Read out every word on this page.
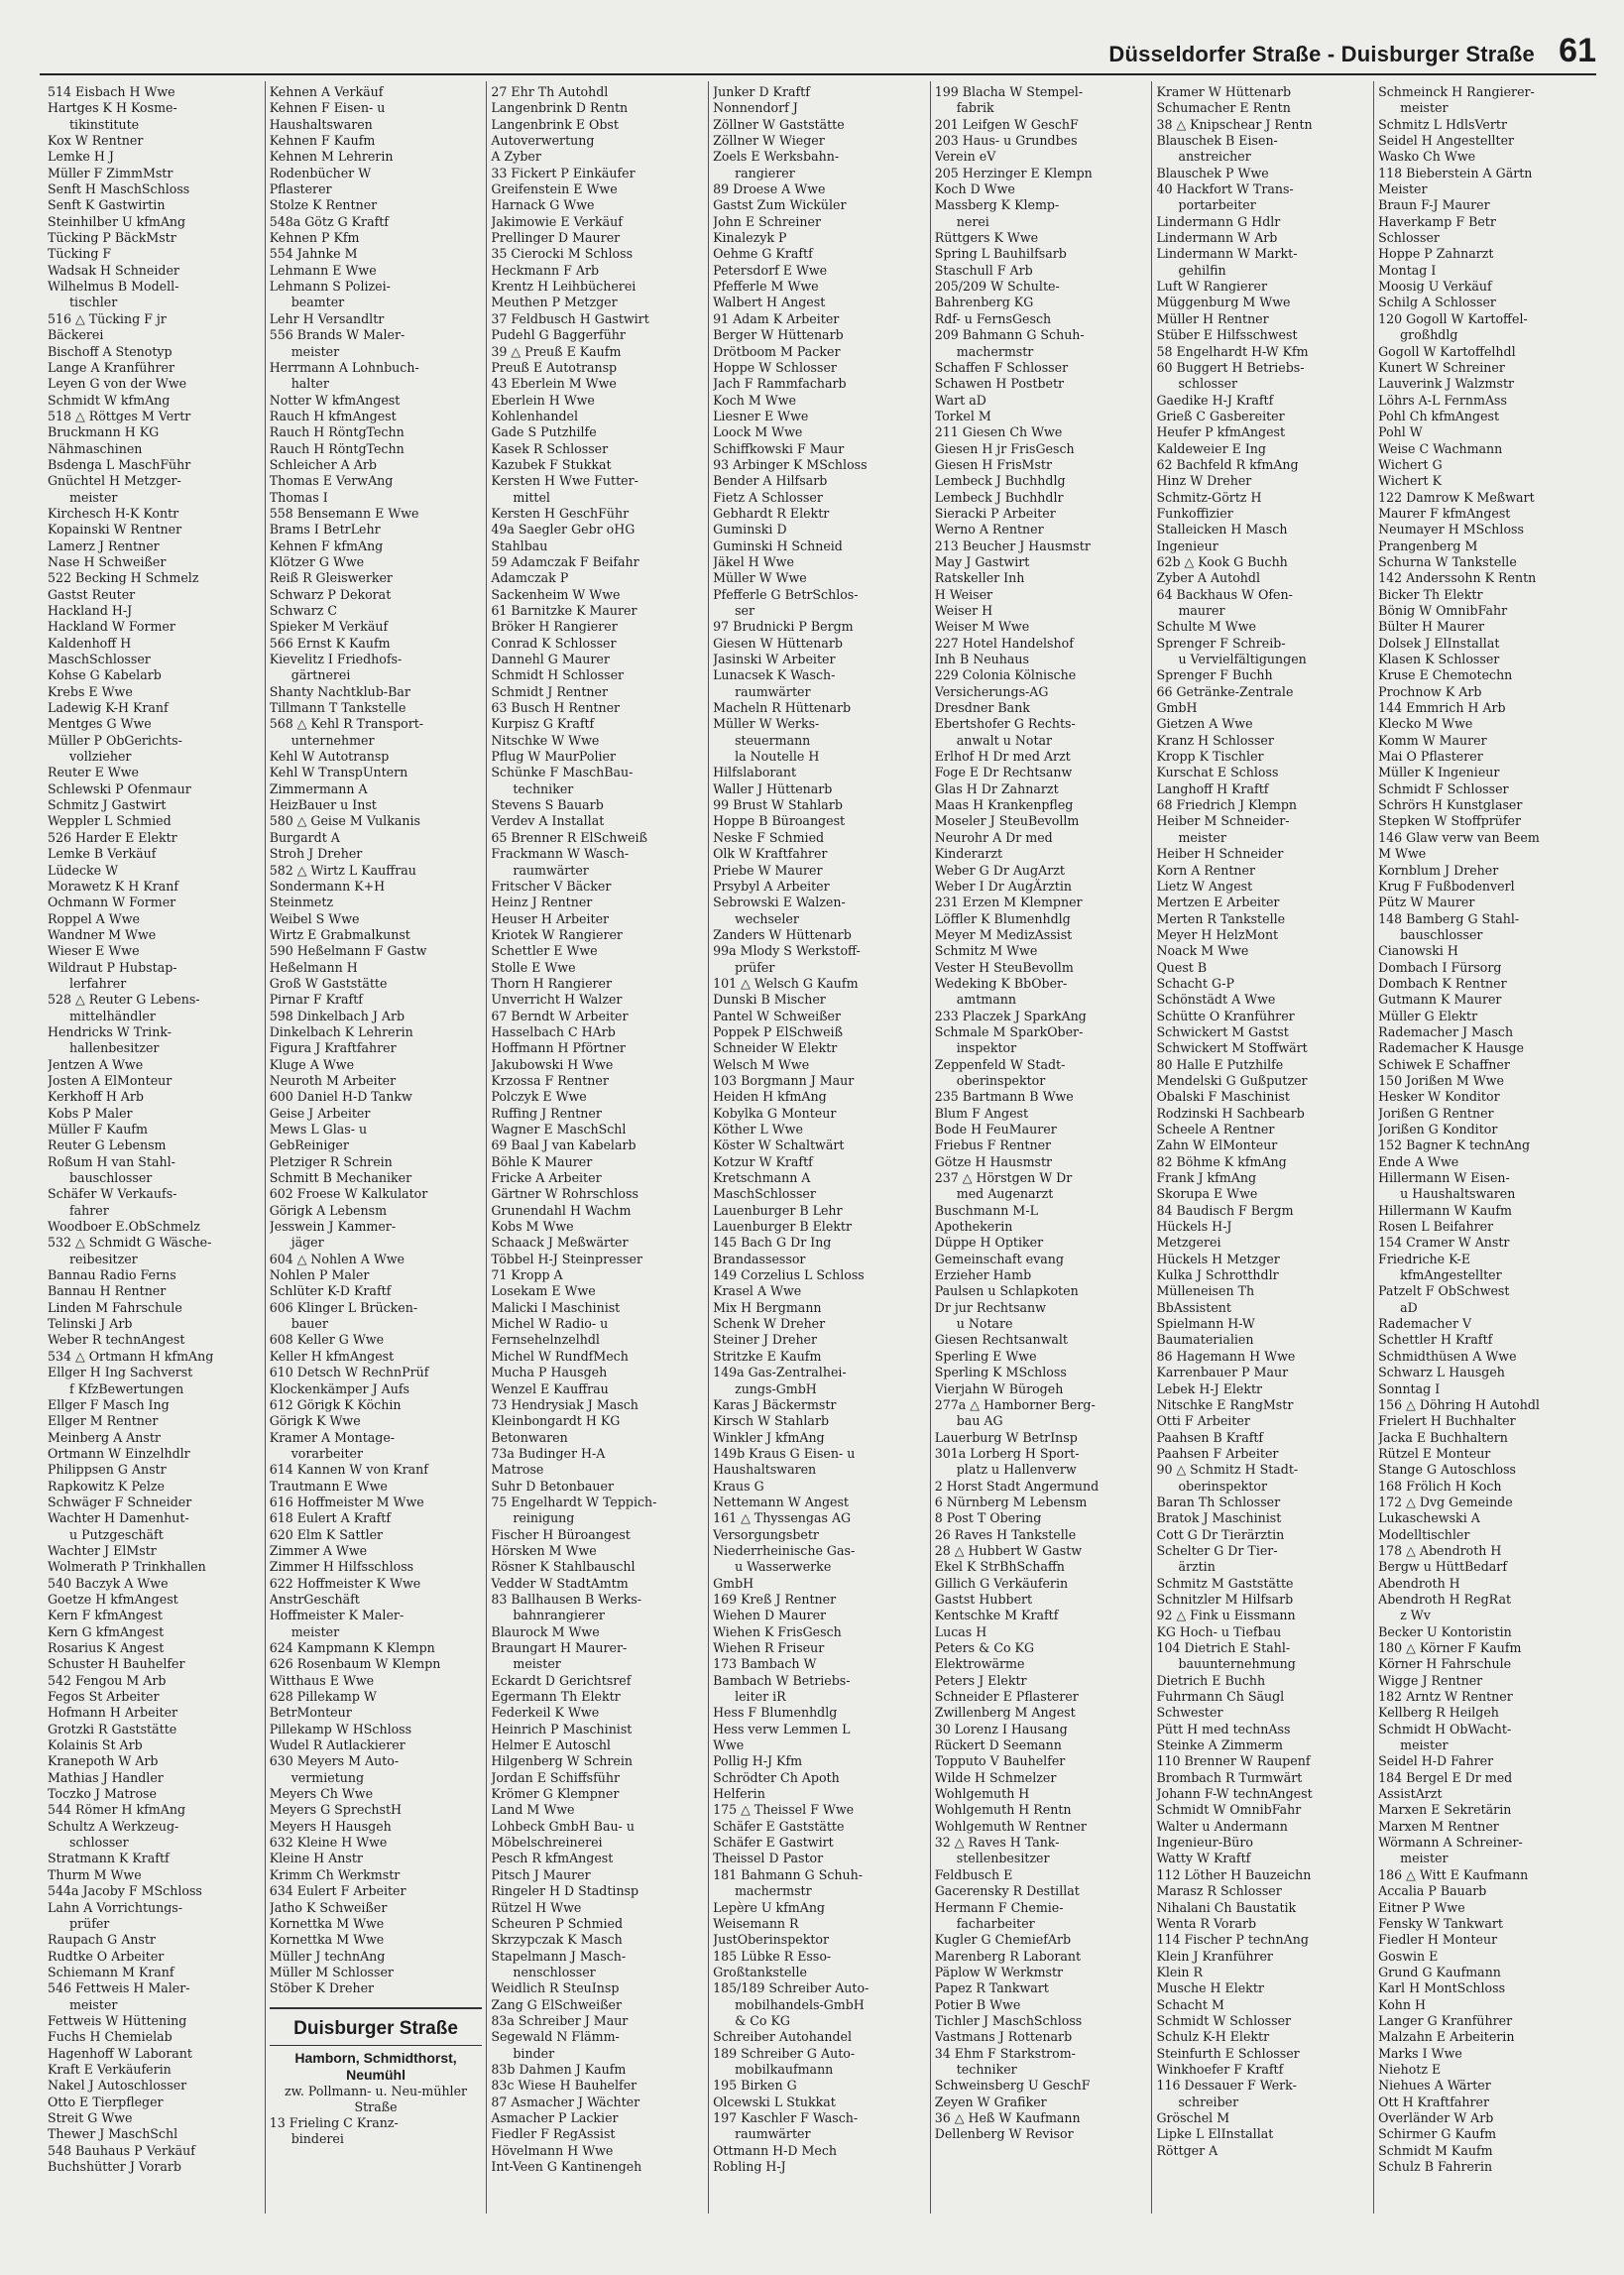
Düsseldorfer Straße - Duisburger Straße 61
514 Eisbach H Wwe
Hartges K H Kosme-
tikinstitute
Kox W Rentner
Lemke H J
Müller F ZimmMstr
Senft H MaschSchloss
Senft K Gastwirtin
Steinhilber U kfmAng
Tücking P BäckMstr
Tücking F
Wadsak H Schneider
Wilhelmus B Modell-
tischler
516 △ Tücking F jr
Bäckerei
Bischoff A Stenotyp
Lange A Kranführer
Leyen G von der Wwe
Schmidt W kfmAng
518 △ Röttges M Vertr
Bruckmann H KG
Nähmaschinen
Bsdenga L MaschFühr
Gnüchtel H Metzger-
meister
Kirchesch H-K Kontr
Kopainski W Rentner
Lamerz J Rentner
Nase H Schweißer
522 Becking H Schmelz
Gastst Reuter
Hackland H-J
Hackland W Former
Kaldenhoff H
MaschSchlosser
Kohse G Kabelarb
Krebs E Wwe
Ladewig K-H Kranf
Mentges G Wwe
Müller P ObGerichts-
vollzieher
Reuter E Wwe
Schlewski P Ofenmaur
Schmitz J Gastwirt
Weppler L Schmied
526 Harder E Elektr
Lemke B Verkäuf
Lüdecke W
Morawetz K H Kranf
Ochmann W Former
Roppel A Wwe
Wandner M Wwe
Wieser E Wwe
Wildraut P Hubstap-
lerfahrer
528 △ Reuter G Lebens-
mittelhändler
Hendricks W Trink-
hallenbesitzer
Jentzen A Wwe
Josten A ElMonteur
Kerkhoff H Arb
Kobs P Maler
Müller F Kaufm
Reuter G Lebensm
Roßum H van Stahl-
bauschlosser
Schäfer W Verkaufs-
fahrer
Woodboer E.ObSchmelz
532 △ Schmidt G Wäsche-
reibesitzer
Bannau Radio Ferns
Bannau H Rentner
Linden M Fahrschule
Telinski J Arb
Weber R technAngest
534 △ Ortmann H kfmAng
Ellger H Ing Sachverst
f KfzBewertungen
Ellger F Masch Ing
Ellger M Rentner
Meinberg A Anstr
Ortmann W Einzelhdlr
Philippsen G Anstr
Rapkowitz K Pelze
Schwäger F Schneider
Wachter H Damenhut-
u Putzgeschäft
Wachter J ElMstr
Wolmerath P Trinkhallen
540 Baczyk A Wwe
Goetze H kfmAngest
Kern F kfmAngest
Kern G kfmAngest
Rosarius K Angest
Schuster H Bauhelfer
542 Fengou M Arb
Fegos St Arbeiter
Hofmann H Arbeiter
Grotzki R Gaststätte
Kolainis St Arb
Kranepoth W Arb
Mathias J Handler
Toczko J Matrose
544 Römer H kfmAng
Schultz A Werkzeug-
schlosser
Stratmann K Kraftf
Thurm M Wwe
544a Jacoby F MSchloss
Lahn A Vorrichtungs-
prüfer
Raupach G Anstr
Rudtke O Arbeiter
Schiemann M Kranf
546 Fettweis H Maler-
meister
Fettweis W Hüttening
Fuchs H Chemielab
Hagenhoff W Laborant
Kraft E Verkäuferin
Nakel J Autoschlosser
Otto E Tierpfleger
Streit G Wwe
Thewer J MaschSchl
548 Bauhaus P Verkäuf
Buchshütter J Vorarb
Kehnen A Verkäuf
Kehnen F Eisen- u
Haushaltswaren
Kehnen F Kaufm
Kehnen M Lehrerin
Rodenbücher W
Pflasterer
Stolze K Rentner
548a Götz G Kraftf
Kehnen P Kfm
554 Jahnke M
Lehmann E Wwe
Lehmann S Polizei-
beamter
Lehr H Versandltr
556 Brands W Maler-
meister
Herrmann A Lohnbuch-
halter
Notter W kfmAngest
Rauch H kfmAngest
Rauch H RöntgTechn
Rauch H RöntgTechn
Schleicher A Arb
Thomas E VerwAng
Thomas I
558 Bensemann E Wwe
Brams I BetrLehr
Kehnen F kfmAng
Klötzer G Wwe
Reiß R Gleiswerker
Schwarz P Dekorat
Schwarz C
Spieker M Verkäuf
566 Ernst K Kaufm
Kievelitz I Friedhofs-
gärtnerei
Shanty Nachtklub-Bar
Tillmann T Tankstelle
568 △ Kehl R Transport-
unternehmer
Kehl W Autotransp
Kehl W TranspUntern
Zimmermann A
HeizBauer u Inst
580 △ Geise M Vulkanis
Burgardt A
Stroh J Dreher
582 △ Wirtz L Kauffrau
Sondermann K+H
Steinmetz
Weibel S Wwe
Wirtz E Grabmalkunst
590 Heßelmann F Gastw
Heßelmann H
Groß W Gaststätte
Pirnar F Kraftf
598 Dinkelbach J Arb
Dinkelbach K Lehrerin
Figura J Kraftfahrer
Kluge A Wwe
Neuroth M Arbeiter
600 Daniel H-D Tankw
Geise J Arbeiter
Mews L Glas- u
GebReiniger
Pletziger R Schrein
Schmitt B Mechaniker
602 Froese W Kalkulator
Görigk A Lebensm
Jesswein J Kammer-
jäger
604 △ Nohlen A Wwe
Nohlen P Maler
Schlüter K-D Kraftf
606 Klinger L Brücken-
bauer
608 Keller G Wwe
Keller H kfmAngest
610 Detsch W RechnPrüf
Klockenkämper J Aufs
612 Görigk K Köchin
Görigk K Wwe
Kramer A Montage-
vorarbeiter
614 Kannen W von Kranf
Trautmann E Wwe
616 Hoffmeister M Wwe
618 Eulert A Kraftf
620 Elm K Sattler
Zimmer A Wwe
Zimmer H Hilfsschloss
622 Hoffmeister K Wwe
AnstrGeschäft
Hoffmeister K Maler-
meister
624 Kampmann K Klempn
626 Rosenbaum W Klempn
Witthaus E Wwe
628 Pillekamp W
BetrMonteur
Pillekamp W HSchloss
Wudel R Autlackierer
630 Meyers M Auto-
vermietung
Meyers Ch Wwe
Meyers G SprechstH
Meyers H Hausgeh
632 Kleine H Wwe
Kleine H Anstr
Krimm Ch Werkmstr
634 Eulert F Arbeiter
Jatho K Schweißer
Kornettka M Wwe
Kornettka M Wwe
Müller J technAng
Müller M Schlosser
Stöber K Dreher
Duisburger Straße
Hamborn, Schmidthorst, Neumühl
zw. Pollmann- u. Neu-mühler Straße
13 Frieling C Kranz-
binderei
27 Ehr Th Autohdl
Langenbrink D Rentn
Langenbrink E Obst
Autoverwertung
A Zyber
33 Fickert P Einkäufer
Greifenstein E Wwe
Harnack G Wwe
Jakimowie E Verkäuf
Prellinger D Maurer
35 Cierocki M Schloss
Heckmann F Arb
Krentz H Leihbücherei
Meuthen P Metzger
37 Feldbusch H Gastwirt
Pudehl G Baggerführ
39 △ Preuß E Kaufm
Preuß E Autotransp
43 Eberlein M Wwe
Eberlein H Wwe
Kohlenhandel
Gade S Putzhilfe
Kasek R Schlosser
Kazubek F Stukkat
Kersten H Wwe Futter-
mittel
Kersten H GeschFühr
49a Saegler Gebr oHG
Stahlbau
59 Adamczak F Beifahr
Adamczak P
Sackenheim W Wwe
61 Barnitzke K Maurer
Bröker H Rangierer
Conrad K Schlosser
Dannehl G Maurer
Schmidt H Schlosser
Schmidt J Rentner
63 Busch H Rentner
Kurpisz G Kraftf
Nitschke W Wwe
Pflug W MaurPolier
Schünke F MaschBau-
techniker
Stevens S Bauarb
Verdev A Installat
65 Brenner R ElSchweiß
Frackmann W Wasch-
raumwärter
Fritscher V Bäcker
Heinz J Rentner
Heuser H Arbeiter
Kriotek W Rangierer
Schettler E Wwe
Stolle E Wwe
Thorn H Rangierer
Unverricht H Walzer
67 Berndt W Arbeiter
Hasselbach C HArb
Hoffmann H Pförtner
Jakubowski H Wwe
Krzossa F Rentner
Polczyk E Wwe
Ruffing J Rentner
Wagner E MaschSchl
69 Baal J van Kabelarb
Böhle K Maurer
Fricke A Arbeiter
Gärtner W Rohrschloss
Grunendahl H Wachm
Kobs M Wwe
Schaack J Meßwärter
Többel H-J Steinpresser
71 Kropp A
Losekam E Wwe
Malicki I Maschinist
Michel W Radio- u
Fernsehelnzelhdl
Michel W RundfMech
Mucha P Hausgeh
Wenzel E Kauffrau
73 Hendrysiak J Masch
Kleinbongardt H KG
Betonwaren
73a Budinger H-A
Matrose
Suhr D Betonbauer
75 Engelhardt W Teppich-
reinigung
Fischer H Büroangest
Hörsken M Wwe
Rösner K Stahlbauschl
Vedder W StadtAmtm
83 Ballhausen B Werks-
bahnrangierer
Blaurock M Wwe
Braungart H Maurer-
meister
Eckardt D Gerichtsref
Egermann Th Elektr
Federkeil K Wwe
Heinrich P Maschinist
Helmer E Autoschl
Hilgenberg W Schrein
Jordan E Schiffsführ
Krömer G Klempner
Land M Wwe
Lohbeck GmbH Bau- u
Möbelschreinerei
Pesch R kfmAngest
Pitsch J Maurer
Ringeler H D Stadtinsp
Rützel H Wwe
Scheuren P Schmied
Skrzypczak K Masch
Stapelmann J Masch-
nenschlosser
Weidlich R SteuInsp
Zang G ElSchweißer
83a Schreiber J Maur
Segewald N Flämm-
binder
83b Dahmen J Kaufm
83c Wiese H Bauhelfer
87 Asmacher J Wächter
Asmacher P Lackier
Fiedler F RegAssist
Hövelmann H Wwe
Int-Veen G Kantinengeh
Junker D Kraftf
Nonnendorf J
Zöllner W Gaststätte
Zöllner W Wieger
Zoels E Werksbahn-
rangierer
89 Droese A Wwe
Gastst Zum Wicküler
John E Schreiner
Kinalezyk P
Oehme G Kraftf
Petersdorf E Wwe
Pfefferle M Wwe
Walbert H Angest
91 Adam K Arbeiter
Berger W Hüttenarb
Drötboom M Packer
Hoppe W Schlosser
Jach F Rammfacharb
Koch M Wwe
Liesner E Wwe
Loock M Wwe
Schiffkowski F Maur
93 Arbinger K MSchloss
Bender A Hilfsarb
Fietz A Schlosser
Gebhardt R Elektr
Guminski D
Guminski H Schneid
Jäkel H Wwe
Müller W Wwe
Pfefferle G BetrSchlos-
ser
97 Brudnicki P Bergm
Giesen W Hüttenarb
Jasinski W Arbeiter
Lunacsek K Wasch-
raumwärter
Macheln R Hüttenarb
Müller W Werks-
steuermann
la Noutelle H
Hilfslaborant
Waller J Hüttenarb
99 Brust W Stahlarb
Hoppe B Büroangest
Neske F Schmied
Olk W Kraftfahrer
Priebe W Maurer
Prsybyl A Arbeiter
Sebrowski E Walzen-
wechseler
Zanders W Hüttenarb
99a Mlody S Werkstoff-
prüfer
101 △ Welsch G Kaufm
Dunski B Mischer
Pantel W Schweißer
Poppek P ElSchweiß
Schneider W Elektr
Welsch M Wwe
103 Borgmann J Maur
Heiden H kfmAng
Kobylka G Monteur
Köther L Wwe
Köster W Schaltwärt
Kotzur W Kraftf
Kretschmann A
MaschSchlosser
Lauenburger B Lehr
Lauenburger B Elektr
145 Bach G Dr Ing
Brandassessor
149 Corzelius L Schloss
Krasel A Wwe
Mix H Bergmann
Schenk W Dreher
Steiner J Dreher
Stritzke E Kaufm
149a Gas-Zentralhei-
zungs-GmbH
Karas J Bäckermstr
Kirsch W Stahlarb
Winkler J kfmAng
149b Kraus G Eisen- u
Haushaltswaren
Kraus G
Nettemann W Angest
161 △ Thyssengas AG
Versorgungsbetr
Niederrheinische Gas-
u Wasserwerke
GmbH
169 Kreß J Rentner
Wiehen D Maurer
Wiehen K FrisGesch
Wiehen R Friseur
173 Bambach W
Bambach W Betriebs-
leiter iR
Hess F Blumenhdlg
Hess verw Lemmen L
Wwe
Pollig H-J Kfm
Schrödter Ch Apoth
Helferin
175 △ Theissel F Wwe
Schäfer E Gaststätte
Schäfer E Gastwirt
Theissel D Pastor
181 Bahmann G Schuh-
machermstr
Lepère U kfmAng
Weisemann R
JustOberinspektor
185 Lübke R Esso-
Großtankstelle
185/189 Schreiber Auto-
mobilhandels-GmbH
& Co KG
Schreiber Autohandel
189 Schreiber G Auto-
mobilkaufmann
195 Birken G
Olcewski L Stukkat
197 Kaschler F Wasch-
raumwärter
Ottmann H-D Mech
Robling H-J
199 Blacha W Stempel-
fabrik
201 Leifgen W GeschF
203 Haus- u Grundbes
Verein eV
205 Herzinger E Klempn
Koch D Wwe
Massberg K Klemp-
nerei
Rüttgers K Wwe
Spring L Bauhilfsarb
Staschull F Arb
205/209 W Schulte-
Bahrenberg KG
Rdf- u FernsGesch
209 Bahmann G Schuh-
machermstr
Schaffen F Schlosser
Schawen H Postbetr
Wart aD
Torkel M
211 Giesen Ch Wwe
Giesen H jr FrisGesch
Giesen H FrisMstr
Lembeck J Buchhdlg
Lembeck J Buchhdlr
Sieracki P Arbeiter
Werno A Rentner
213 Beucher J Hausmstr
May J Gastwirt
Ratskeller Inh
H Weiser
Weiser H
Weiser M Wwe
227 Hotel Handelshof
Inh B Neuhaus
229 Colonia Kölnische
Versicherungs-AG
Dresdner Bank
Ebertshofer G Rechts-
anwalt u Notar
Erlhof H Dr med Arzt
Foge E Dr Rechtsanw
Glas H Dr Zahnarzt
Maas H Krankenpfleg
Moseler J SteuBevollm
Neurohr A Dr med
Kinderarzt
Weber G Dr AugArzt
Weber I Dr AugÄrztin
231 Erzen M Klempner
Löffler K Blumenhdlg
Meyer M MedizAssist
Schmitz M Wwe
Vester H SteuBevollm
Wedeking K BbOber-
amtmann
233 Placzek J SparkAng
Schmale M SparkOber-
inspektor
Zeppenfeld W Stadt-
oberinspektor
235 Bartmann B Wwe
Blum F Angest
Bode H FeuMaurer
Friebus F Rentner
Götze H Hausmstr
237 △ Hörstgen W Dr
med Augenarzt
Buschmann M-L
Apothekerin
Düppe H Optiker
Gemeinschaft evang
Erzieher Hamb
Paulsen u Schlapkoten
Dr jur Rechtsanw
u Notare
Giesen Rechtsanwalt
Sperling E Wwe
Sperling K MSchloss
Vierjahn W Bürogeh
277a △ Hamborner Berg-
bau AG
Lauerburg W BetrInsp
301a Lorberg H Sport-
platz u Hallenverw
2 Horst Stadt Angermund
6 Nürnberg M Lebensm
8 Post T Obering
26 Raves H Tankstelle
28 △ Hubbert W Gastw
Ekel K StrBhSchaffn
Gillich G Verkäuferin
Gastst Hubbert
Kentschke M Kraftf
Lucas H
Peters & Co KG
Elektrowärme
Peters J Elektr
Schneider E Pflasterer
Zwillenberg M Angest
30 Lorenz I Hausang
Rückert D Seemann
Topputo V Bauhelfer
Wilde H Schmelzer
Wohlgemuth H
Wohlgemuth H Rentn
Wohlgemuth W Rentner
32 △ Raves H Tank-
stellenbesitzer
Feldbusch E
Gacerensky R Destillat
Hermann F Chemie-
facharbeiter
Kugler G ChemiefArb
Marenberg R Laborant
Päplow W Werkmstr
Papez R Tankwart
Potier B Wwe
Tichler J MaschSchloss
Vastmans J Rottenarb
34 Ehm F Starkstrom-
techniker
Schweinsberg U GeschF
Zeyen W Grafiker
36 △ Heß W Kaufmann
Dellenberg W Revisor
Kramer W Hüttenarb
Schumacher E Rentn
38 △ Knipschear J Rentn
Blauschek B Eisen-
anstreicher
Blauschek P Wwe
40 Hackfort W Trans-
portarbeiter
Lindermann G Hdlr
Lindermann W Arb
Lindermann W Markt-
gehilfin
Luft W Rangierer
Müggenburg M Wwe
Müller H Rentner
Stüber E Hilfsschwest
58 Engelhardt H-W Kfm
60 Buggert H Betriebs-
schlosser
Gaedike H-J Kraftf
Grieß C Gasbereiter
Heufer P kfmAngest
Kaldeweier E Ing
62 Bachfeld R kfmAng
Hinz W Dreher
Schmitz-Görtz H
Funkoffizier
Stalleicken H Masch
Ingenieur
62b △ Kook G Buchh
Zyber A Autohdl
64 Backhaus W Ofen-
maurer
Schulte M Wwe
Sprenger F Schreib-
u Vervielfältigungen
Sprenger F Buchh
66 Getränke-Zentrale
GmbH
Gietzen A Wwe
Kranz H Schlosser
Kropp K Tischler
Kurschat E Schloss
Langhoff H Kraftf
68 Friedrich J Klempn
Heiber M Schneider-
meister
Heiber H Schneider
Korn A Rentner
Lietz W Angest
Mertzen E Arbeiter
Merten R Tankstelle
Meyer H HelzMont
Noack M Wwe
Quest B
Schacht G-P
Schönstädt A Wwe
Schütte O Kranführer
Schwickert M Gastst
Schwickert M Stoffwärt
80 Halle E Putzhilfe
Mendelski G Gußputzer
Obalski F Maschinist
Rodzinski H Sachbearb
Scheele A Rentner
Zahn W ElMonteur
82 Böhme K kfmAng
Frank J kfmAng
Skorupa E Wwe
84 Baudisch F Bergm
Hückels H-J
Metzgerei
Hückels H Metzger
Kulka J Schrotthdlr
Mülleneisen Th
BbAssistent
Spielmann H-W
Baumaterialien
86 Hagemann H Wwe
Karrenbauer P Maur
Lebek H-J Elektr
Nitschke E RangMstr
Otti F Arbeiter
Paahsen B Kraftf
Paahsen F Arbeiter
90 △ Schmitz H Stadt-
oberinspektor
Baran Th Schlosser
Bratok J Maschinist
Cott G Dr Tierärztin
Schelter G Dr Tier-
ärztin
Schmitz M Gaststätte
Schnitzler M Hilfsarb
92 △ Fink u Eissmann
KG Hoch- u Tiefbau
104 Dietrich E Stahl-
bauunternehmung
Dietrich E Buchh
Fuhrmann Ch Säugl
Schwester
Pütt H med technAss
Steinke A Zimmerm
110 Brenner W Raupenf
Brombach R Turmwärt
Johann F-W technAngest
Schmidt W OmnibFahr
Walter u Andermann
Ingenieur-Büro
Watty W Kraftf
112 Löther H Bauzeichn
Marasz R Schlosser
Nihalani Ch Baustatik
Wenta R Vorarb
114 Fischer P technAng
Klein J Kranführer
Klein R
Musche H Elektr
Schacht M
Schmidt W Schlosser
Schulz K-H Elektr
Steinfurth E Schlosser
Winkhoefer F Kraftf
116 Dessauer F Werk-
schreiber
Gröschel M
Lipke L ElInstallat
Röttger A
Schmeinck H Rangierer-
meister
Schmitz L HdlsVertr
Seidel H Angestellter
Wasko Ch Wwe
118 Bieberstein A Gärtn
Meister
Braun F-J Maurer
Haverkamp F Betr
Schlosser
Hoppe P Zahnarzt
Montag I
Moosig U Verkäuf
Schilg A Schlosser
120 Gogoll W Kartoffel-
großhdlg
Gogoll W Kartoffelhdl
Kunert W Schreiner
Lauverink J Walzmstr
Löhrs A-L FernmAss
Pohl Ch kfmAngest
Pohl W
Weise C Wachmann
Wichert G
Wichert K
122 Damrow K Meßwart
Maurer F kfmAngest
Neumayer H MSchloss
Prangenberg M
Schurna W Tankstelle
142 Anderssohn K Rentn
Bicker Th Elektr
Bönig W OmnibFahr
Bülter H Maurer
Dolsek J ElInstallat
Klasen K Schlosser
Kruse E Chemotechn
Prochnow K Arb
144 Emmrich H Arb
Klecko M Wwe
Komm W Maurer
Mai O Pflasterer
Müller K Ingenieur
Schmidt F Schlosser
Schrörs H Kunstglaser
Stepken W Stoffprüfer
146 Glaw verw van Beem
M Wwe
Kornblum J Dreher
Krug F Fußbodenverl
Pütz W Maurer
148 Bamberg G Stahl-
bauschlosser
Cianowski H
Dombach I Fürsorg
Dombach K Rentner
Gutmann K Maurer
Müller G Elektr
Rademacher J Masch
Rademacher K Hausge
Schiwek E Schaffner
150 Jorißen M Wwe
Hesker W Konditor
Jorißen G Rentner
Jorißen G Konditor
152 Bagner K technAng
Ende A Wwe
Hillermann W Eisen-
u Haushaltswaren
Hillermann W Kaufm
Rosen L Beifahrer
154 Cramer W Anstr
Friedriche K-E
kfmAngestellter
Patzelt F ObSchwest
aD
Rademacher V
Schettler H Kraftf
Schmidthüsen A Wwe
Schwarz L Hausgeh
Sonntag I
156 △ Döhring H Autohdl
Frielert H Buchhalter
Jacka E Buchhaltern
Rützel E Monteur
Stange G Autoschloss
168 Frölich H Koch
172 △ Dvg Gemeinde
Lukaschewski A
Modelltischler
178 △ Abendroth H
Bergw u HüttBedarf
Abendroth H
Abendroth H RegRat
z Wv
Becker U Kontoristin
180 △ Körner F Kaufm
Körner H Fahrschule
Wigge J Rentner
182 Arntz W Rentner
Kellberg R Heilgeh
Schmidt H ObWacht-
meister
Seidel H-D Fahrer
184 Bergel E Dr med
AssistArzt
Marxen E Sekretärin
Marxen M Rentner
Wörmann A Schreiner-
meister
186 △ Witt E Kaufmann
Accalia P Bauarb
Eitner P Wwe
Fensky W Tankwart
Fiedler H Monteur
Goswin E
Grund G Kaufmann
Karl H MontSchloss
Kohn H
Langer G Kranführer
Malzahn E Arbeiterin
Marks I Wwe
Niehotz E
Niehues A Wärter
Ott H Kraftfahrer
Overländer W Arb
Schirmer G Kaufm
Schmidt M Kaufm
Schulz B Fahrerin
